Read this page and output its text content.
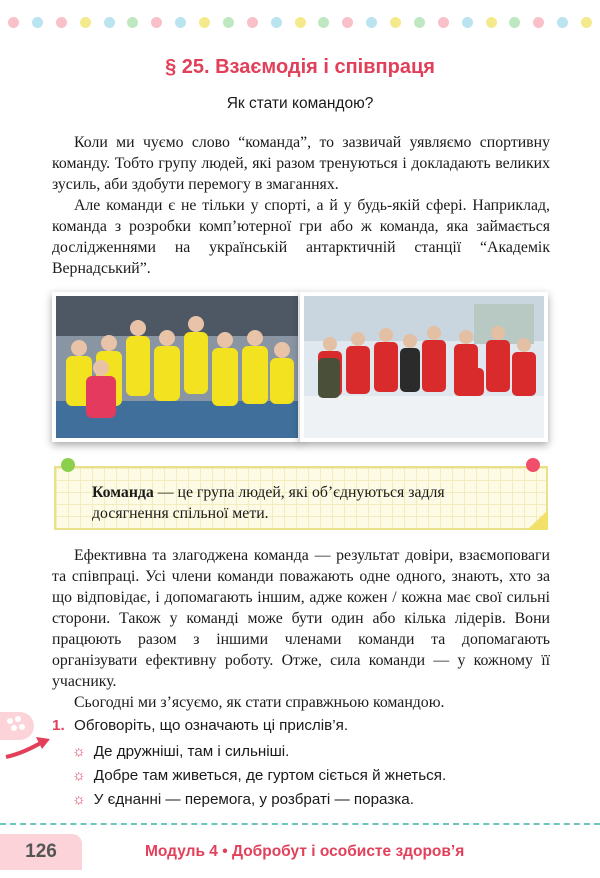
§ 25. Взаємодія і співпраця
Як стати командою?

Коли ми чуємо слово “команда”, то зазвичай уявляємо спортивну команду. Тобто групу людей, які разом тренуються і докладають великих зусиль, аби здобути перемогу в змаганнях.

Але команди є не тільки у спорті, а й у будь-якій сфері. Наприклад, команда з розробки комп’ютерної гри або ж команда, яка займається дослідженнями на українській антарктичній станції “Академік Вернадський”.

Команда — це група людей, які об’єднуються задля досягнення спільної мети.

Ефективна та злагоджена команда — результат довіри, взаємоповаги та співпраці. Усі члени команди поважають одне одного, знають, хто за що відповідає, і допомагають іншим, адже кожен / кожна має свої сильні сторони. Також у команді може бути один або кілька лідерів. Вони працюють разом з іншими членами команди та допомагають організувати ефективну роботу. Отже, сила команди — у кожному її учаснику.

Сьогодні ми з’ясуємо, як стати справжньою командою.

1. Обговоріть, що означають ці прислів’я.
☼ Де дружніші, там і сильніші.
☼ Добре там живеться, де гуртом сіється й жнеться.
☼ У єднанні — перемога, у розбраті — поразка.
126	Модуль 4 • Добробут і особисте здоров’я
